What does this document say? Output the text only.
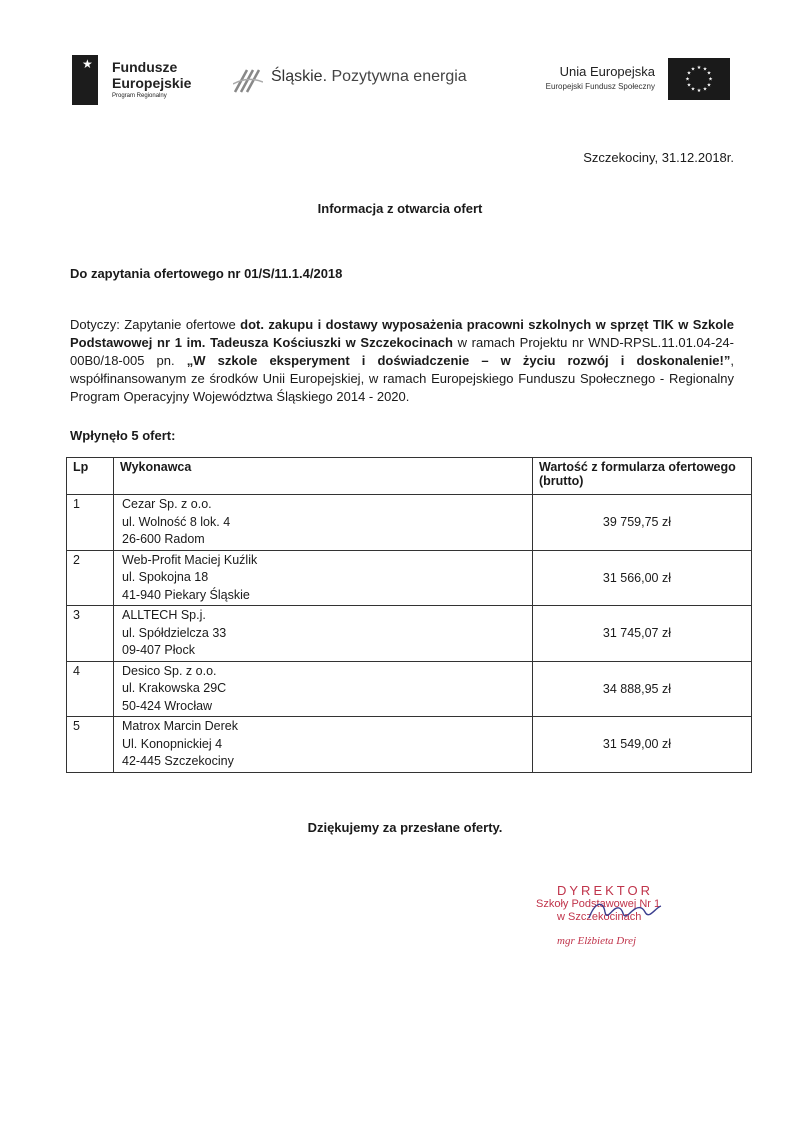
★ Fundusze
Europejskie
Program Regionalny
Śląskie. Pozytywna energia	Unia Europejska
Europejski Fundusz Społeczny
★ ★
★
★
★
★
★
★
★
★
★
★
Szczekociny, 31.12.2018r.
Informacja z otwarcia ofert
Do zapytania ofertowego nr 01/S/11.1.4/2018
Dotyczy: Zapytanie ofertowe dot. zakupu i dostawy wyposażenia pracowni szkolnych w sprzęt TIK w Szkole Podstawowej nr 1 im. Tadeusza Kościuszki w Szczekocinach w ramach Projektu nr WND-RPSL.11.01.04-24-00B0/18-005 pn. „W szkole eksperyment i doświadczenie – w życiu rozwój i doskonalenie!”, współfinansowanym ze środków Unii Europejskiej, w ramach Europejskiego Funduszu Społecznego - Regionalny Program Operacyjny Województwa Śląskiego 2014 - 2020.
Wpłynęło 5 ofert:
Lp	Wykonawca	Wartość z formularza ofertowego (brutto)
1	Cezar Sp. z o.o.
ul. Wolność 8 lok. 4
26-600 Radom	39 759,75 zł
2	Web-Profit Maciej Kuźlik
ul. Spokojna 18
41-940 Piekary Śląskie	31 566,00 zł
3	ALLTECH Sp.j.
ul. Spółdzielcza 33
09-407 Płock	31 745,07 zł
4	Desico Sp. z o.o.
ul. Krakowska 29C
50-424 Wrocław	34 888,95 zł
5	Matrox Marcin Derek
Ul. Konopnickiej 4
42-445 Szczekociny	31 549,00 zł
Dziękujemy za przesłane oferty.
DYREKTOR
Szkoły Podstawowej Nr 1
w Szczekocinach
mgr Elżbieta Drej
